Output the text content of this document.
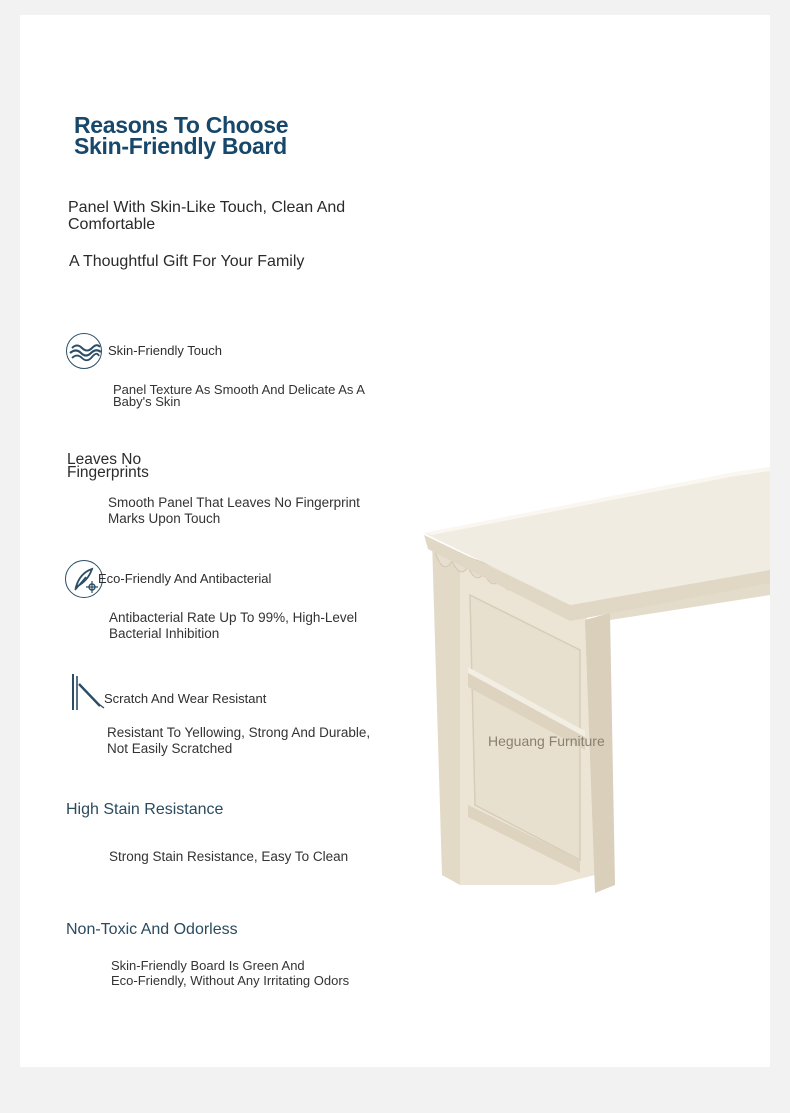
Reasons To Choose
Skin-Friendly Board
Panel With Skin-Like Touch, Clean And
Comfortable
A Thoughtful Gift For Your Family
Skin-Friendly Touch
Panel Texture As Smooth And Delicate As A
Baby's Skin
Leaves No
Fingerprints
Smooth Panel That Leaves No Fingerprint
Marks Upon Touch
Eco-Friendly And Antibacterial
Antibacterial Rate Up To 99%, High-Level
Bacterial Inhibition
Scratch And Wear Resistant
Resistant To Yellowing, Strong And Durable,
Not Easily Scratched
High Stain Resistance
Strong Stain Resistance, Easy To Clean
Non-Toxic And Odorless
Skin-Friendly Board Is Green And
Eco-Friendly, Without Any Irritating Odors
Heguang Furniture
